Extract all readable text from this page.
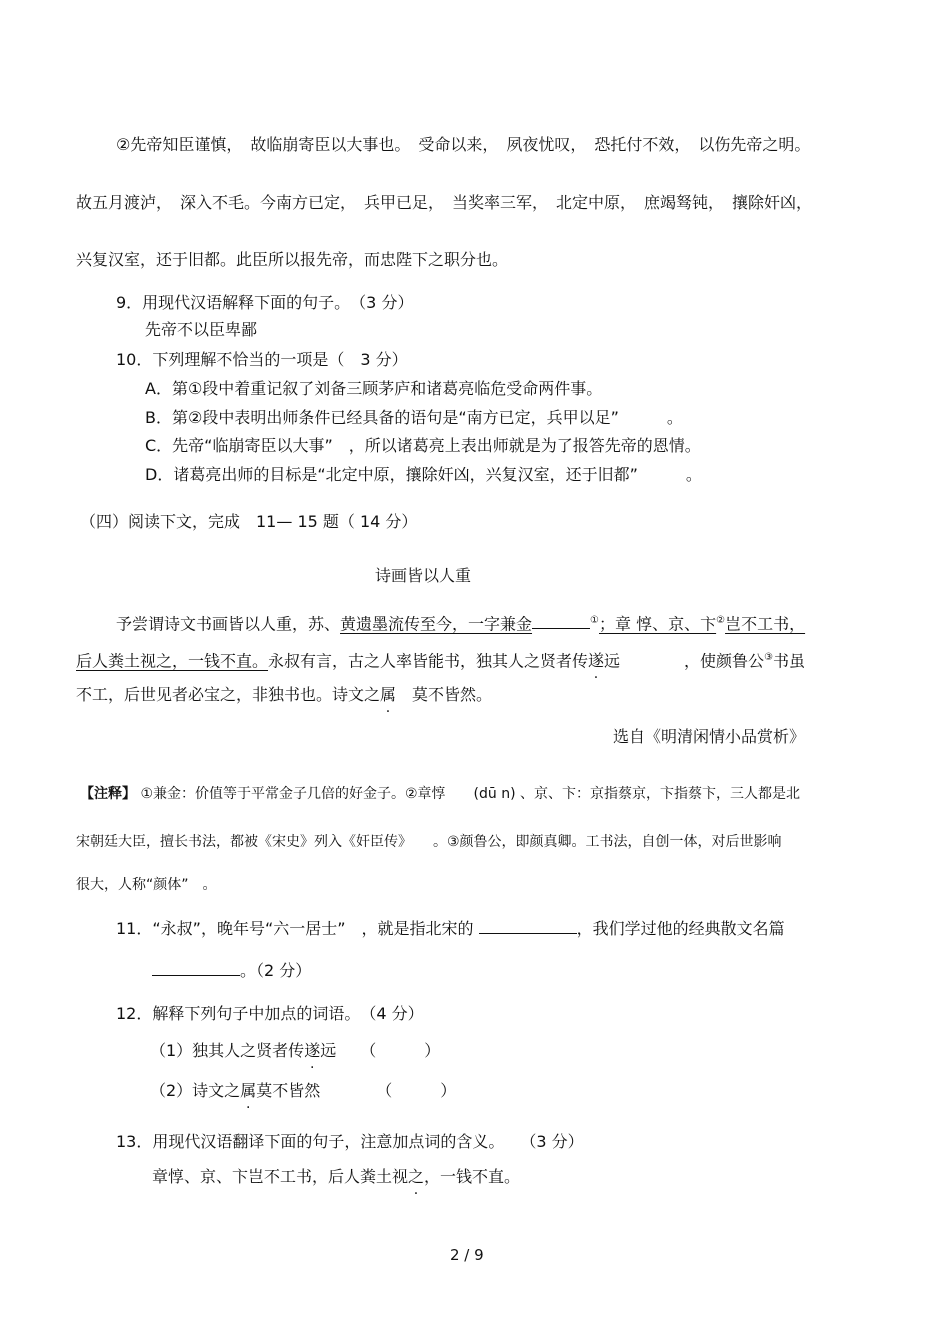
②先帝知臣谨慎，　故临崩寄臣以大事也。　受命以来，　夙夜忧叹，　恐托付不效，　以伤先帝之明。
故五月渡泸，　深入不毛。今南方已定，　兵甲已足，　当奖率三军，　北定中原，　庶竭驽钝，　攘除奸凶，
兴复汉室，还于旧都。此臣所以报先帝，而忠陛下之职分也。
9．用现代汉语解释下面的句子。　（3 分）
先帝不以臣卑鄙
10．下列理解不恰当的一项是（　3 分）
A．第①段中着重记叙了刘备三顾茅庐和诸葛亮临危受命两件事。
B．第②段中表明出师条件已经具备的语句是“南方已定，兵甲以足”　　　。
C．先帝“临崩寄臣以大事”　，所以诸葛亮上表出师就是为了报答先帝的恩情。
D．诸葛亮出师的目标是“北定中原，攘除奸凶，兴复汉室，还于旧都”　　　。
（四）阅读下文，完成　11— 15 题（ 14 分）
诗画皆以人重
予尝谓诗文书画皆以人重，苏、黄遗墨流传至今，一字兼金	①；章 惇、京、卞②岂不工书，
后人粪土视之，一钱不直。永叔有言，古之人率皆能书，独其人之贤者传遂远　　　　，使颜鲁公③书虽
不工，后世见者必宝之，非独书也。诗文之属　莫不皆然。
选自《明清闲情小品赏析》
【注释】 ①兼金：价值等于平常金子几倍的好金子。②章惇　　(dū n) 、京、卞：京指蔡京，卞指蔡卞，三人都是北
宋朝廷大臣，擅长书法，都被《宋史》列入《奸臣传》　　。③颜鲁公，即颜真卿。工书法，自创一体，对后世影响
很大，人称“颜体”　。
11．“永叔”，晚年号“六一居士”　，就是指北宋的	，我们学过他的经典散文名篇
。（2 分）
12．解释下列句子中加点的词语。　（4 分）
（1）独其人之贤者传遂远　　（　　　）
（2）诗文之属莫不皆然　　　　（　　　）
13．用现代汉语翻译下面的句子，注意加点词的含义。　　（3 分）
章惇、京、卞岂不工书，后人粪土视之，一钱不直。
2 / 9
